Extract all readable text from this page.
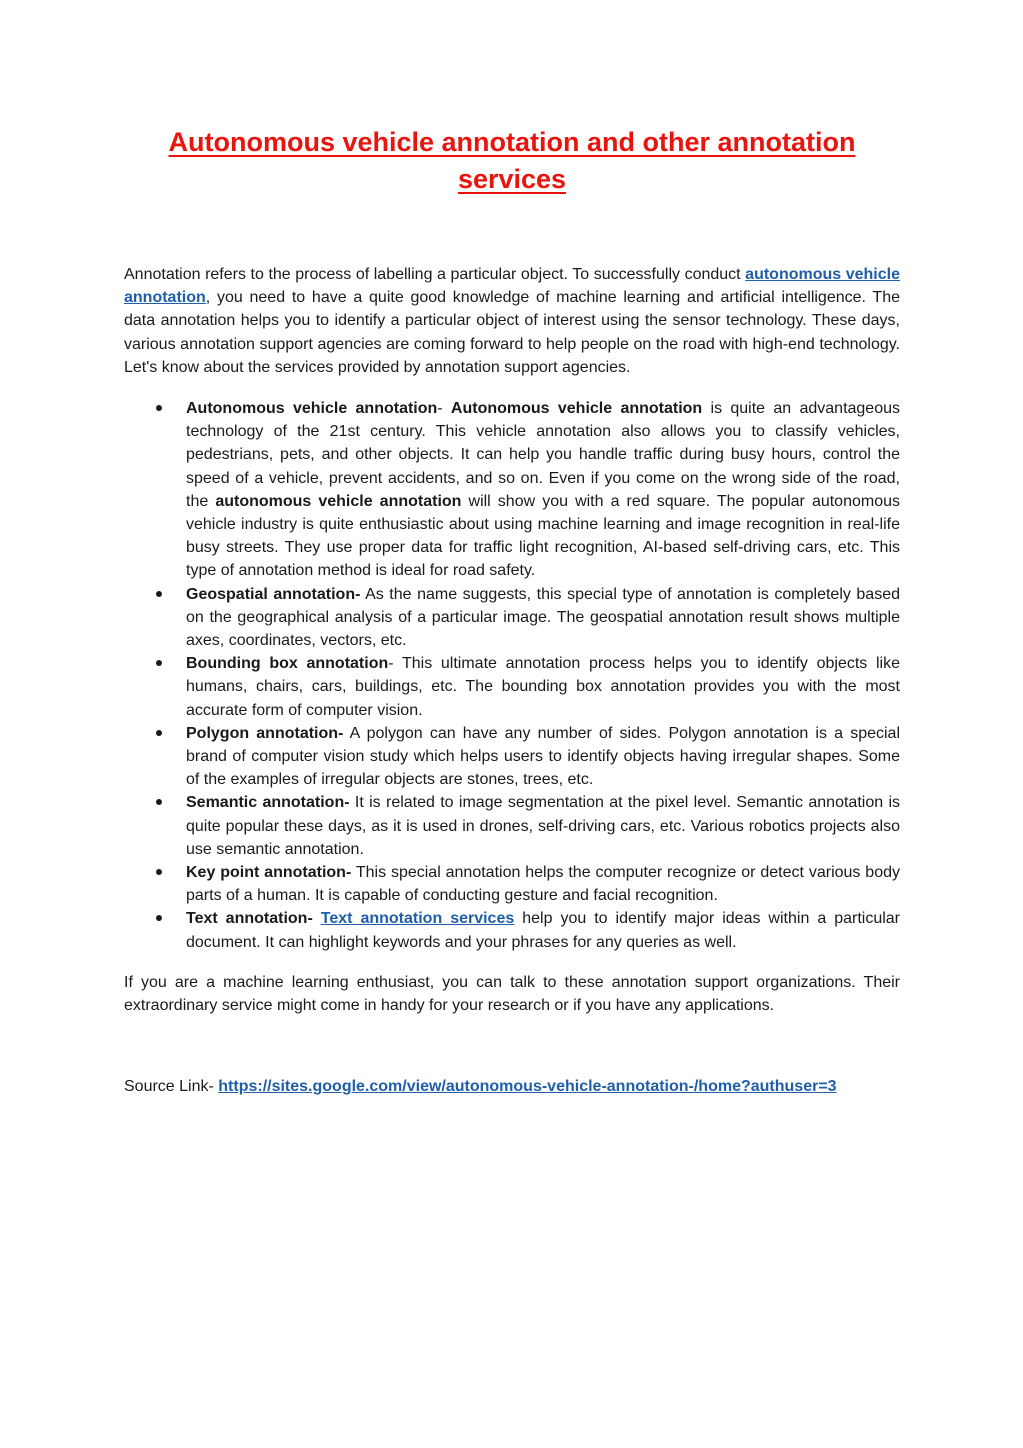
Autonomous vehicle annotation and other annotation services

Annotation refers to the process of labelling a particular object. To successfully conduct autonomous vehicle annotation, you need to have a quite good knowledge of machine learning and artificial intelligence. The data annotation helps you to identify a particular object of interest using the sensor technology. These days, various annotation support agencies are coming forward to help people on the road with high-end technology. Let's know about the services provided by annotation support agencies.

Autonomous vehicle annotation- Autonomous vehicle annotation is quite an advantageous technology of the 21st century. This vehicle annotation also allows you to classify vehicles, pedestrians, pets, and other objects. It can help you handle traffic during busy hours, control the speed of a vehicle, prevent accidents, and so on. Even if you come on the wrong side of the road, the autonomous vehicle annotation will show you with a red square. The popular autonomous vehicle industry is quite enthusiastic about using machine learning and image recognition in real-life busy streets. They use proper data for traffic light recognition, AI-based self-driving cars, etc. This type of annotation method is ideal for road safety.
Geospatial annotation- As the name suggests, this special type of annotation is completely based on the geographical analysis of a particular image. The geospatial annotation result shows multiple axes, coordinates, vectors, etc.
Bounding box annotation- This ultimate annotation process helps you to identify objects like humans, chairs, cars, buildings, etc. The bounding box annotation provides you with the most accurate form of computer vision.
Polygon annotation- A polygon can have any number of sides. Polygon annotation is a special brand of computer vision study which helps users to identify objects having irregular shapes. Some of the examples of irregular objects are stones, trees, etc.
Semantic annotation- It is related to image segmentation at the pixel level. Semantic annotation is quite popular these days, as it is used in drones, self-driving cars, etc. Various robotics projects also use semantic annotation.
Key point annotation- This special annotation helps the computer recognize or detect various body parts of a human. It is capable of conducting gesture and facial recognition.
Text annotation- Text annotation services help you to identify major ideas within a particular document. It can highlight keywords and your phrases for any queries as well.

If you are a machine learning enthusiast, you can talk to these annotation support organizations. Their extraordinary service might come in handy for your research or if you have any applications.

Source Link- https://sites.google.com/view/autonomous-vehicle-annotation-/home?authuser=3
